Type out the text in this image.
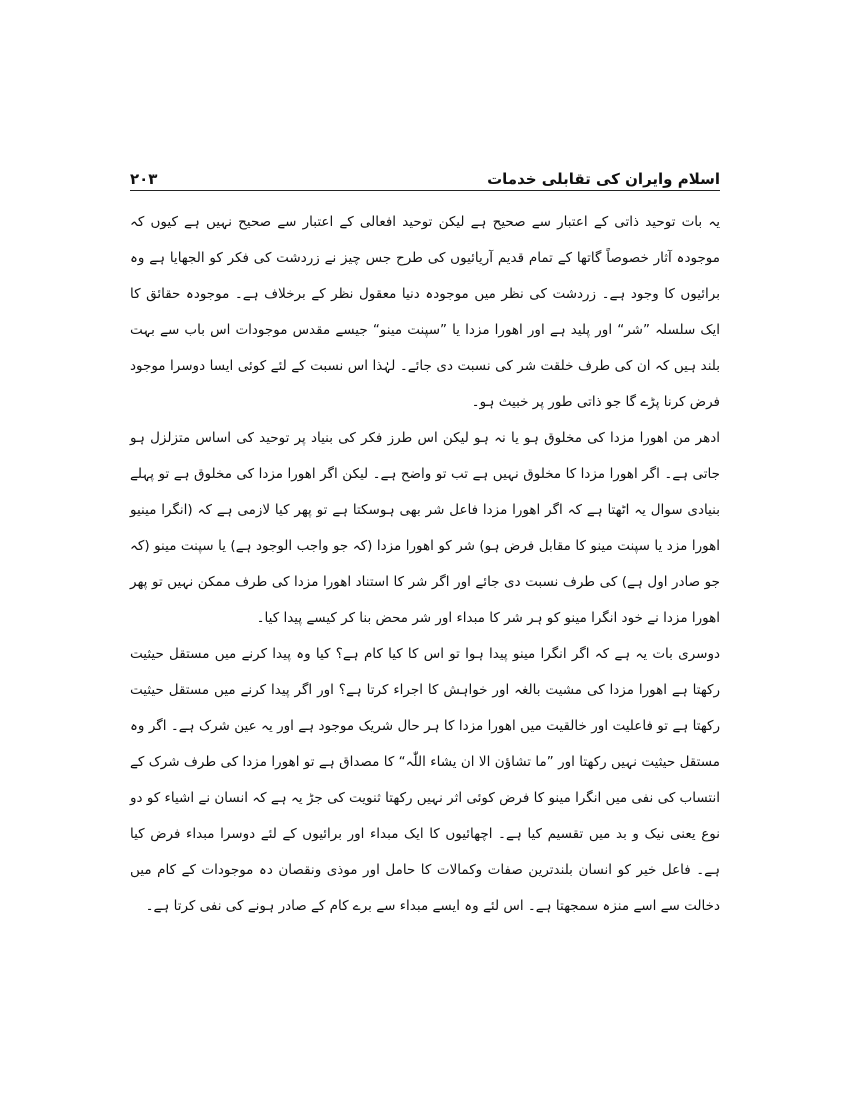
اسلام وایران کی تقابلی خدمات
۲۰۳

یہ بات توحید ذاتی کے اعتبار سے صحیح ہے لیکن توحید افعالی کے اعتبار سے صحیح نہیں ہے کیوں کہ موجودہ آثار خصوصاً گاتھا کے تمام قدیم آریائیوں کی طرح جس چیز نے زردشت کی فکر کو الجھایا ہے وہ برائیوں کا وجود ہے۔ زردشت کی نظر میں موجودہ دنیا معقول نظر کے برخلاف ہے۔ موجودہ حقائق کا ایک سلسلہ ”شر“ اور پلید ہے اور اھورا مزدا یا ”سپنت مینو“ جیسے مقدس موجودات اس باب سے بہت بلند ہیں کہ ان کی طرف خلقت شر کی نسبت دی جائے۔ لہٰذا اس نسبت کے لئے کوئی ایسا دوسرا موجود فرض کرنا پڑے گا جو ذاتی طور پر خبیث ہو۔

ادھر من اھورا مزدا کی مخلوق ہو یا نہ ہو لیکن اس طرز فکر کی بنیاد پر توحید کی اساس متزلزل ہو جاتی ہے۔ اگر اھورا مزدا کا مخلوق نہیں ہے تب تو واضح ہے۔ لیکن اگر اھورا مزدا کی مخلوق ہے تو پہلے بنیادی سوال یہ اٹھتا ہے کہ اگر اھورا مزدا فاعل شر بھی ہوسکتا ہے تو پھر کیا لازمی ہے کہ (انگرا مینیو اھورا مزد یا سپنت مینو کا مقابل فرض ہو) شر کو اھورا مزدا (کہ جو واجب الوجود ہے) یا سپنت مینو (کہ جو صادر اول ہے) کی طرف نسبت دی جائے اور اگر شر کا استناد اھورا مزدا کی طرف ممکن نہیں تو پھر اھورا مزدا نے خود انگرا مینو کو ہر شر کا مبداء اور شر محض بنا کر کیسے پیدا کیا۔

دوسری بات یہ ہے کہ اگر انگرا مینو پیدا ہوا تو اس کا کیا کام ہے؟ کیا وہ پیدا کرنے میں مستقل حیثیت رکھتا ہے اھورا مزدا کی مشیت بالغہ اور خواہش کا اجراء کرتا ہے؟ اور اگر پیدا کرنے میں مستقل حیثیت رکھتا ہے تو فاعلیت اور خالقیت میں اھورا مزدا کا ہر حال شریک موجود ہے اور یہ عین شرک ہے۔ اگر وہ مستقل حیثیت نہیں رکھتا اور ”ما تشاؤن الا ان یشاء اللّٰہ“ کا مصداق ہے تو اھورا مزدا کی طرف شرک کے انتساب کی نفی میں انگرا مینو کا فرض کوئی اثر نہیں رکھتا ثنویت کی جڑ یہ ہے کہ انسان نے اشیاء کو دو نوع یعنی نیک و بد میں تقسیم کیا ہے۔ اچھائیوں کا ایک مبداء اور برائیوں کے لئے دوسرا مبداء فرض کیا ہے۔ فاعل خیر کو انسان بلندترین صفات وکمالات کا حامل اور موذی ونقصان دہ موجودات کے کام میں دخالت سے اسے منزہ سمجھتا ہے۔ اس لئے وہ ایسے مبداء سے برے کام کے صادر ہونے کی نفی کرتا ہے۔
